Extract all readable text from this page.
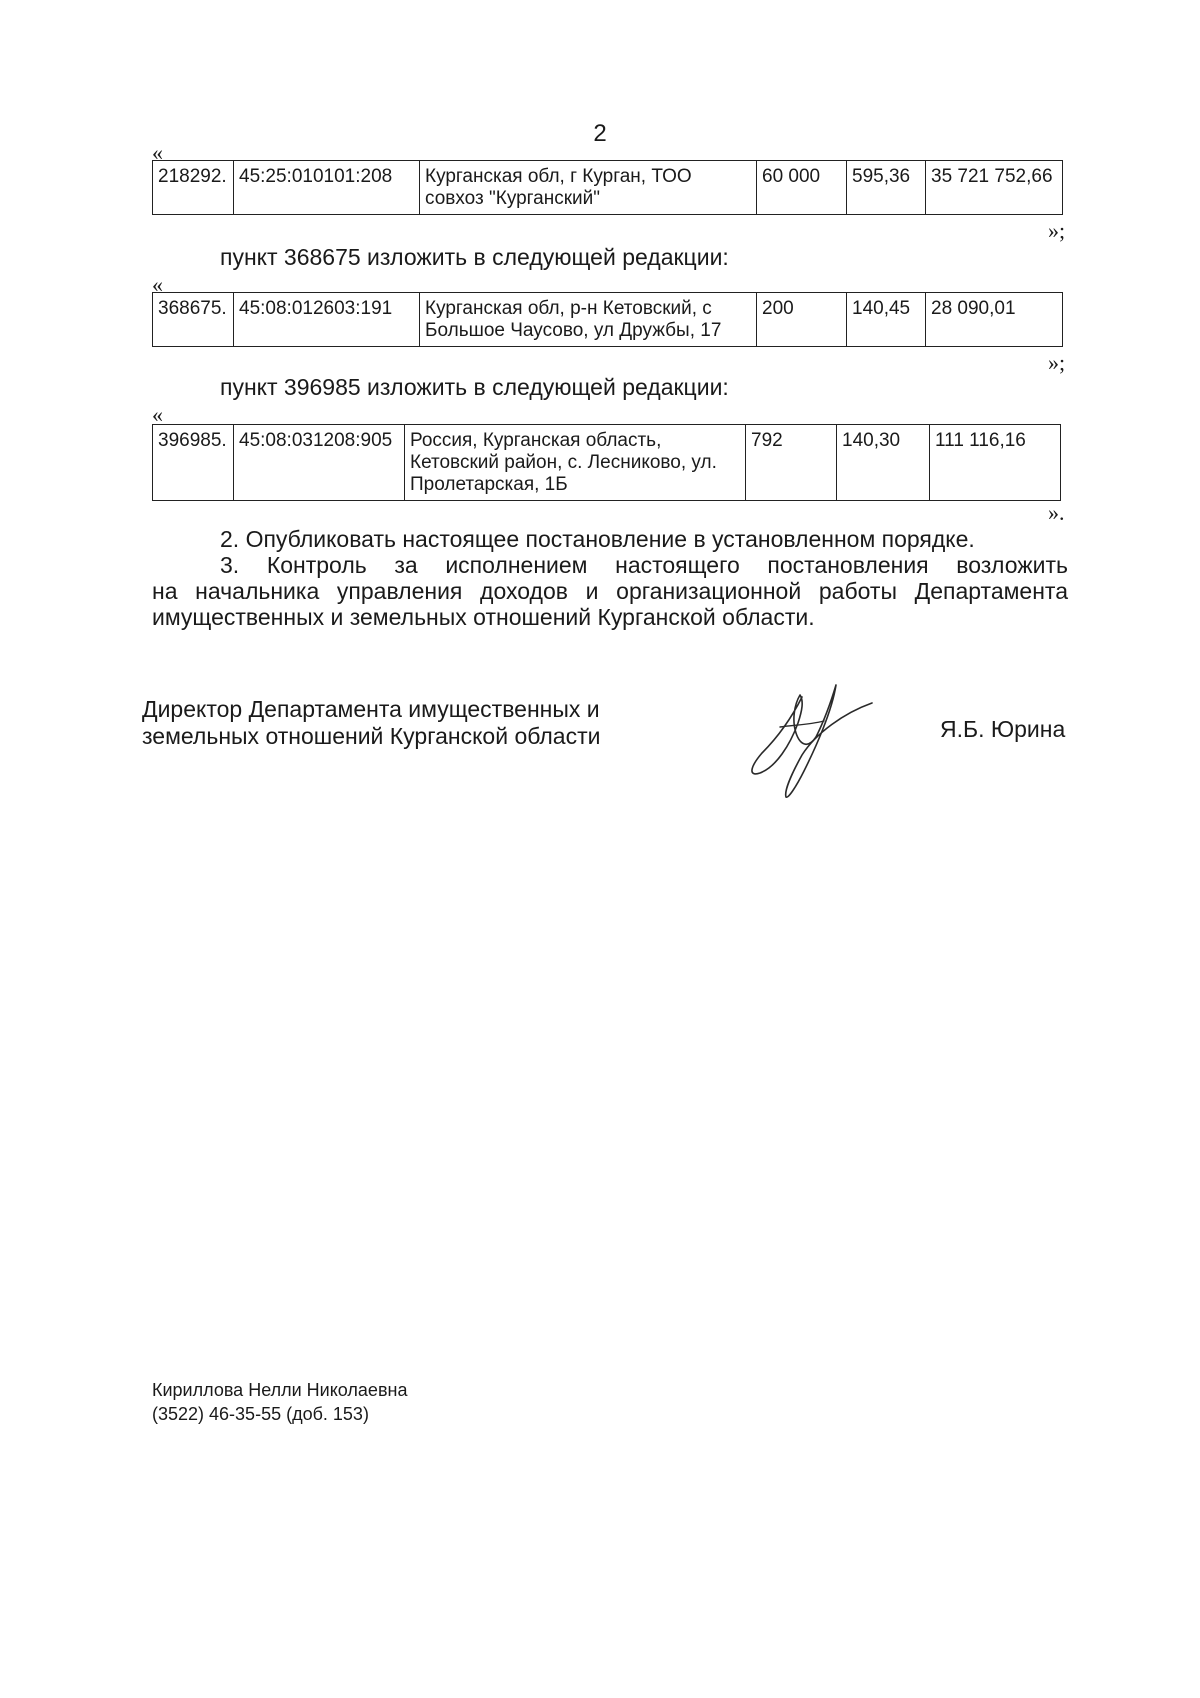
2
«
218292.	45:25:010101:208	Курганская обл, г Курган, ТОО совхоз "Курганский"	60 000	595,36	35 721 752,66
»;
пункт 368675 изложить в следующей редакции:
«
368675.	45:08:012603:191	Курганская обл, р-н Кетовский, с Большое Чаусово, ул Дружбы, 17	200	140,45	28 090,01
»;
пункт 396985 изложить в следующей редакции:
«
396985.	45:08:031208:905	Россия, Курганская область, Кетовский район, с. Лесниково, ул. Пролетарская, 1Б	792	140,30	111 116,16
».
2. Опубликовать настоящее постановление в установленном порядке.
3. Контроль за исполнением настоящего постановления возложить
на начальника управления доходов и организационной работы Департамента
имущественных и земельных отношений Курганской области.
Директор Департамента имущественных и
земельных отношений Курганской области	Я.Б. Юрина
Кириллова Нелли Николаевна
(3522) 46-35-55 (доб. 153)
